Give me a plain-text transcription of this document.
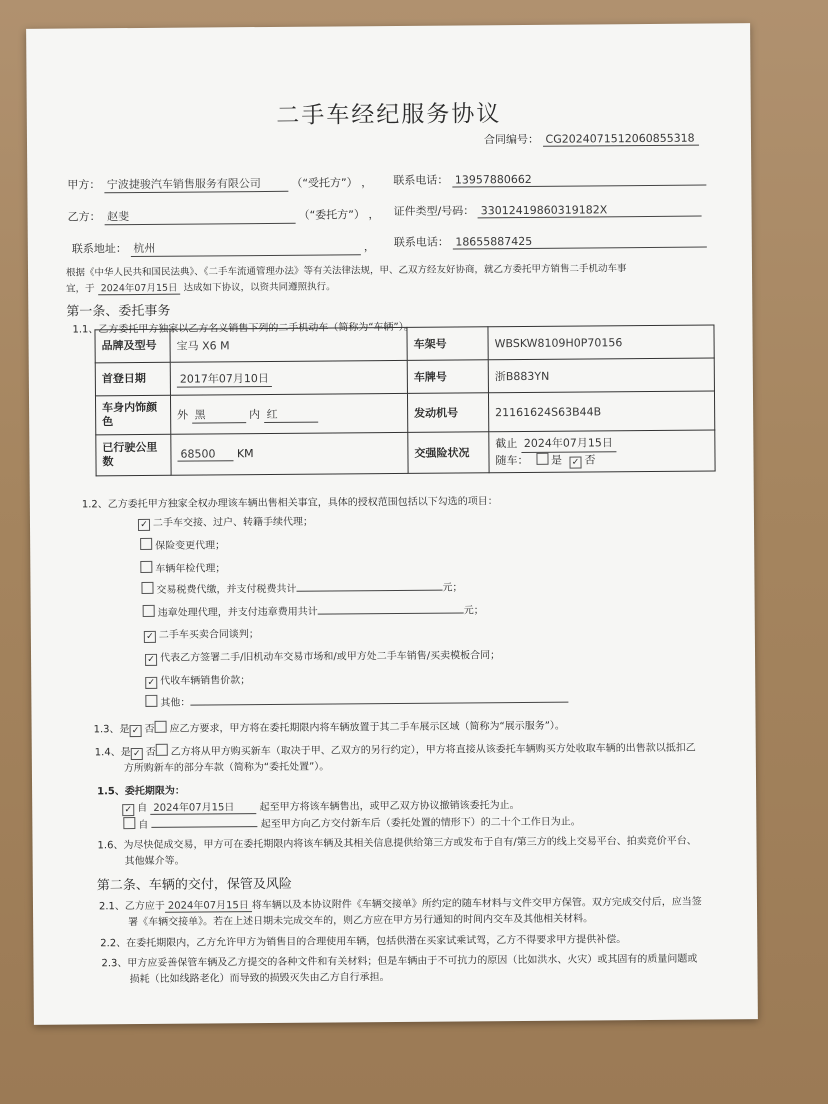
二手车经纪服务协议
合同编号： CG2024071512060855318
甲方： 宁波捷骏汽车销售服务有限公司	（“受托方”） ， 联系电话： 13957880662
乙方： 赵斐	（“委托方”） ， 证件类型/号码： 33012419860319182X
联系地址： 杭州	， 联系电话： 18655887425
根据《中华人民共和国民法典》、《二手车流通管理办法》等有关法律法规，甲、乙双方经友好协商，就乙方委托甲方销售二手机动车事
宜，于 2024年07月15日 达成如下协议，以资共同遵照执行。
第一条、委托事务
1.1、乙方委托甲方独家以乙方名义销售下列的二手机动车（简称为“车辆”）。
品牌及型号	宝马 X6 M	车架号	WBSKW8109H0P70156
首登日期	2017年07月10日	车牌号	浙B883YN
车身内饰颜色	外 黑 内 红	发动机号	21161624S63B44B
已行驶公里数	68500 KM	交强险状况	截止 2024年07月15日
随车： 是 ✓ 否
1.2、乙方委托甲方独家全权办理该车辆出售相关事宜，具体的授权范围包括以下勾选的项目：
✓ 二手车交接、过户、转籍手续代理；
保险变更代理；
车辆年检代理；
交易税费代缴，并支付税费共计	元；
违章处理代理，并支付违章费用共计	元；
✓ 二手车买卖合同谈判；
✓ 代表乙方签署二手/旧机动车交易市场和/或甲方处二手车销售/买卖模板合同；
✓ 代收车辆销售价款；
其他：
1.3、是 ✓ 否 应乙方要求，甲方将在委托期限内将车辆放置于其二手车展示区域（简称为“展示服务”）。
1.4、是 ✓ 否 乙方将从甲方购买新车（取决于甲、乙双方的另行约定），甲方将直接从该委托车辆购买方处收取车辆的出售款以抵扣乙
方所购新车的部分车款（简称为“委托处置”）。
1.5、委托期限为：
✓ 自 2024年07月15日	起至甲方将该车辆售出，或甲乙双方协议撤销该委托为止。
自	起至甲方向乙方交付新车后（委托处置的情形下）的二十个工作日为止。
1.6、为尽快促成交易，甲方可在委托期限内将该车辆及其相关信息提供给第三方或发布于自有/第三方的线上交易平台、拍卖竞价平台、
其他媒介等。
第二条、车辆的交付，保管及风险
2.1、乙方应于 2024年07月15日 将车辆以及本协议附件《车辆交接单》所约定的随车材料与文件交甲方保管。双方完成交付后，应当签
署《车辆交接单》。若在上述日期未完成交车的，则乙方应在甲方另行通知的时间内交车及其他相关材料。
2.2、在委托期限内，乙方允许甲方为销售目的合理使用车辆，包括供潜在买家试乘试驾，乙方不得要求甲方提供补偿。
2.3、甲方应妥善保管车辆及乙方提交的各种文件和有关材料；但是车辆由于不可抗力的原因（比如洪水、火灾）或其固有的质量问题或
损耗（比如线路老化）而导致的损毁灭失由乙方自行承担。
